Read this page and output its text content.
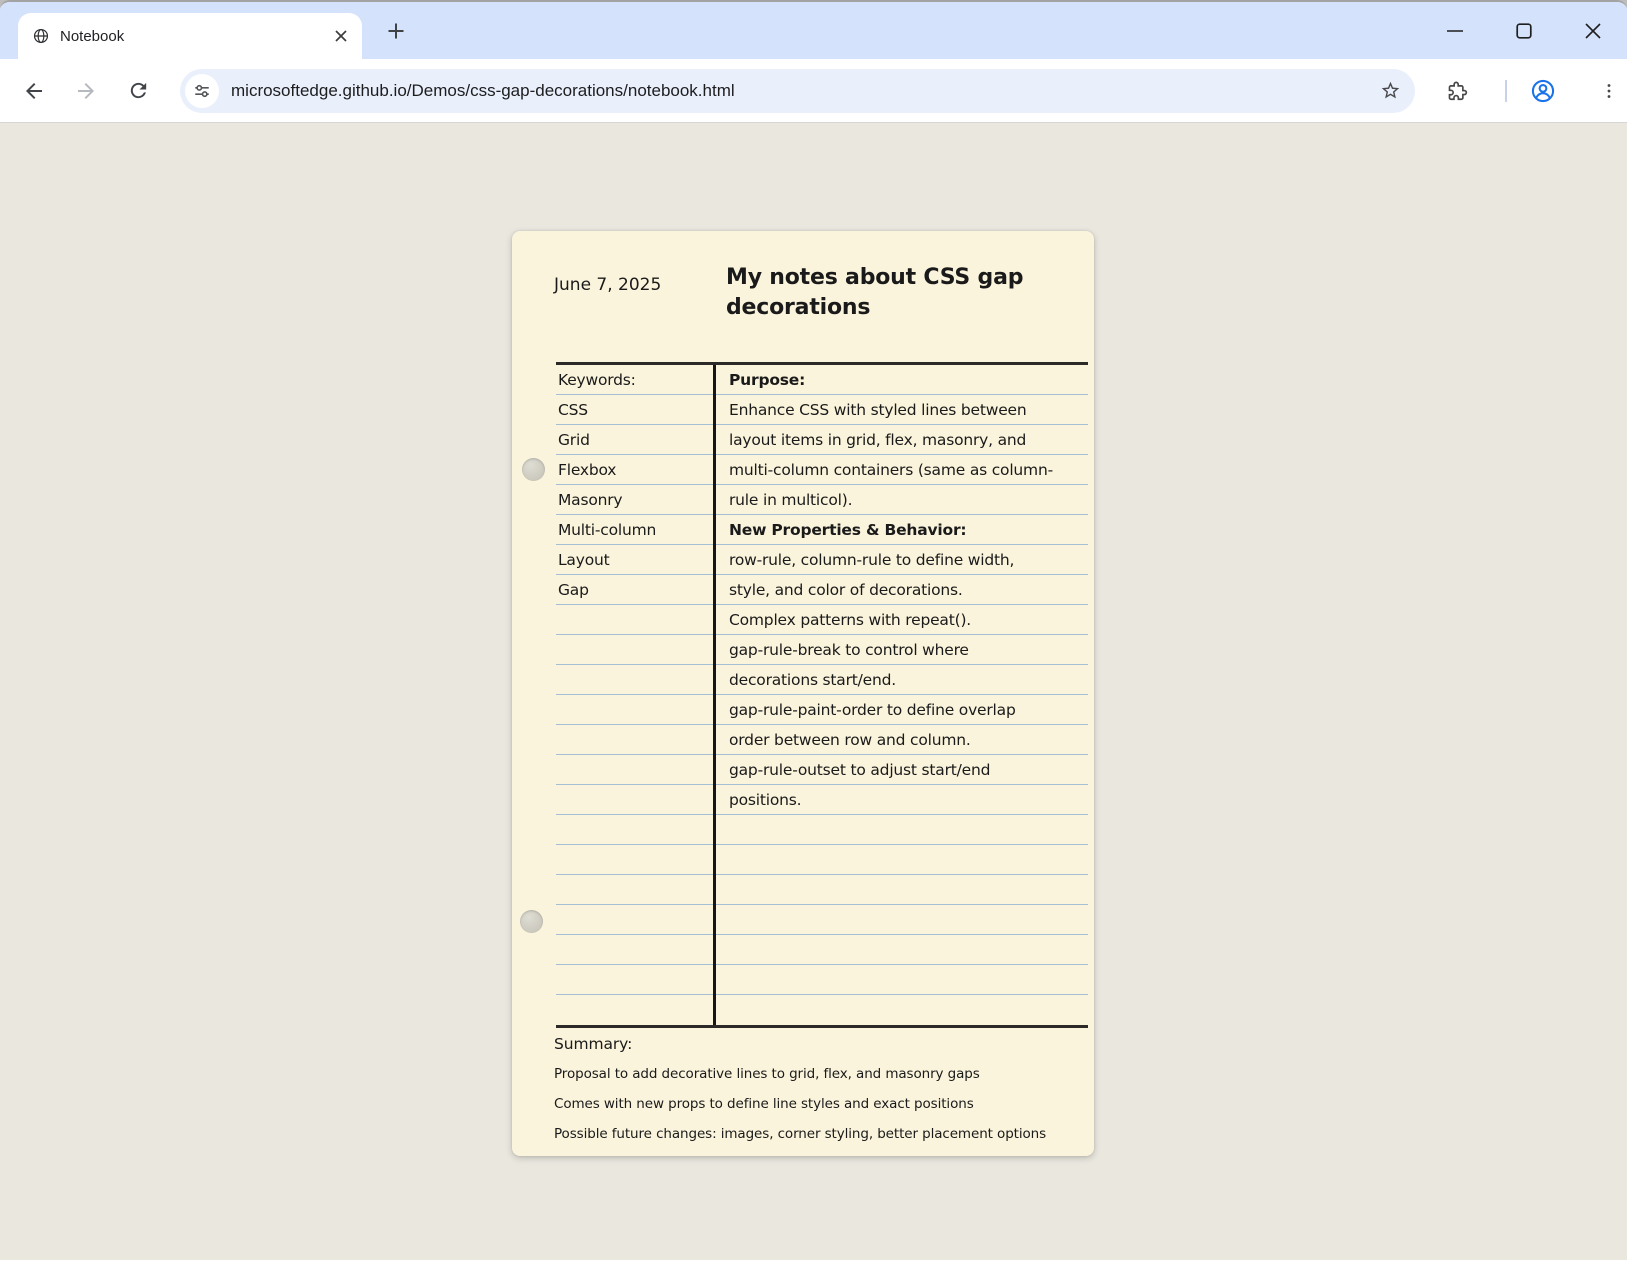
Notebook
microsoftedge.github.io/Demos/css-gap-decorations/notebook.html
June 7, 2025	My notes about CSS gap decorations
Keywords:
CSS
Grid
Flexbox
Masonry
Multi-column
Layout
Gap
Purpose:
Enhance CSS with styled lines between
layout items in grid, flex, masonry, and
multi-column containers (same as column-
rule in multicol).
New Properties & Behavior:
row-rule, column-rule to define width,
style, and color of decorations.
Complex patterns with repeat().
gap-rule-break to control where
decorations start/end.
gap-rule-paint-order to define overlap
order between row and column.
gap-rule-outset to adjust start/end
positions.
Summary:
Proposal to add decorative lines to grid, flex, and masonry gaps
Comes with new props to define line styles and exact positions
Possible future changes: images, corner styling, better placement options
